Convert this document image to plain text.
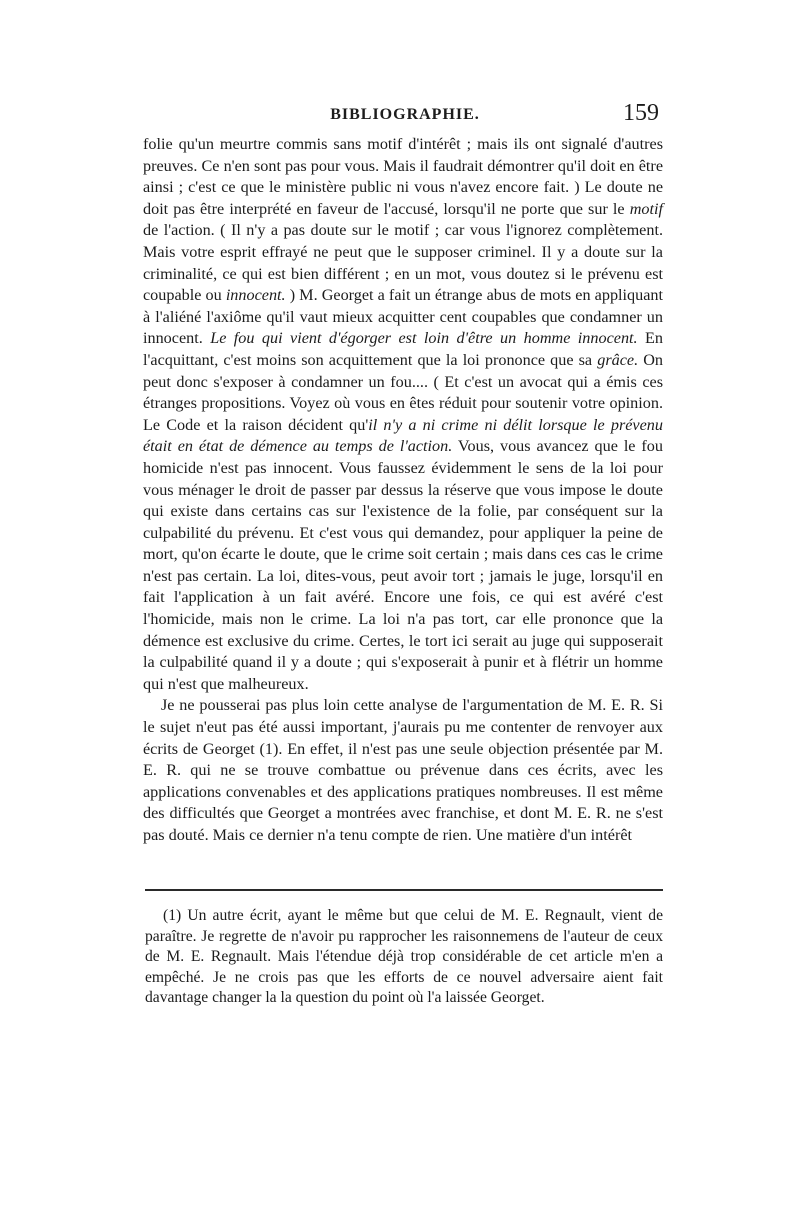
BIBLIOGRAPHIE.	159

folie qu'un meurtre commis sans motif d'intérêt ; mais ils ont signalé d'autres preuves. Ce n'en sont pas pour vous. Mais il faudrait démontrer qu'il doit en être ainsi ; c'est ce que le ministère public ni vous n'avez encore fait. ) Le doute ne doit pas être interprété en faveur de l'accusé, lorsqu'il ne porte que sur le motif de l'action. ( Il n'y a pas doute sur le motif ; car vous l'ignorez complètement. Mais votre esprit effrayé ne peut que le supposer criminel. Il y a doute sur la criminalité, ce qui est bien différent ; en un mot, vous doutez si le prévenu est coupable ou innocent. ) M. Georget a fait un étrange abus de mots en appliquant à l'aliéné l'axiôme qu'il vaut mieux acquitter cent coupables que condamner un innocent. Le fou qui vient d'égorger est loin d'être un homme innocent. En l'acquittant, c'est moins son acquittement que la loi prononce que sa grâce. On peut donc s'exposer à condamner un fou.... ( Et c'est un avocat qui a émis ces étranges propositions. Voyez où vous en êtes réduit pour soutenir votre opinion. Le Code et la raison décident qu'il n'y a ni crime ni délit lorsque le prévenu était en état de démence au temps de l'action. Vous, vous avancez que le fou homicide n'est pas innocent. Vous faussez évidemment le sens de la loi pour vous ménager le droit de passer par dessus la réserve que vous impose le doute qui existe dans certains cas sur l'existence de la folie, par conséquent sur la culpabilité du prévenu. Et c'est vous qui demandez, pour appliquer la peine de mort, qu'on écarte le doute, que le crime soit certain ; mais dans ces cas le crime n'est pas certain. La loi, dites-vous, peut avoir tort ; jamais le juge, lorsqu'il en fait l'application à un fait avéré. Encore une fois, ce qui est avéré c'est l'homicide, mais non le crime. La loi n'a pas tort, car elle prononce que la démence est exclusive du crime. Certes, le tort ici serait au juge qui supposerait la culpabilité quand il y a doute ; qui s'exposerait à punir et à flétrir un homme qui n'est que malheureux.

Je ne pousserai pas plus loin cette analyse de l'argumentation de M. E. R. Si le sujet n'eut pas été aussi important, j'aurais pu me contenter de renvoyer aux écrits de Georget (1). En effet, il n'est pas une seule objection présentée par M. E. R. qui ne se trouve combattue ou prévenue dans ces écrits, avec les applications convenables et des applications pratiques nombreuses. Il est même des difficultés que Georget a montrées avec franchise, et dont M. E. R. ne s'est pas douté. Mais ce dernier n'a tenu compte de rien. Une matière d'un intérêt

(1) Un autre écrit, ayant le même but que celui de M. E. Regnault, vient de paraître. Je regrette de n'avoir pu rapprocher les raisonnemens de l'auteur de ceux de M. E. Regnault. Mais l'étendue déjà trop considérable de cet article m'en a empêché. Je ne crois pas que les efforts de ce nouvel adversaire aient fait davantage changer la la question du point où l'a laissée Georget.
